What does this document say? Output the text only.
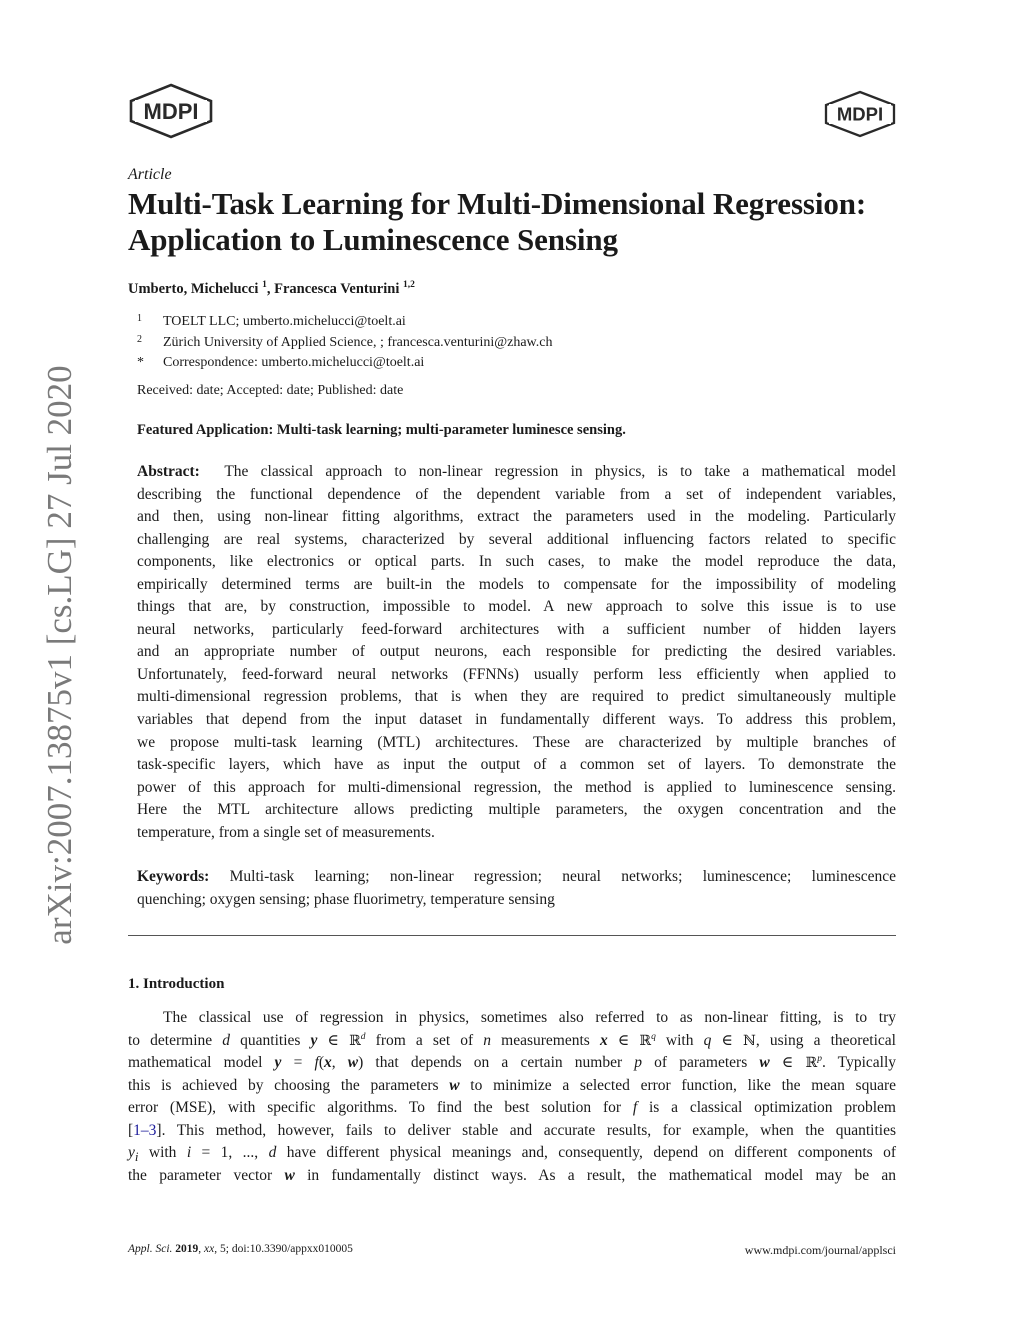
arXiv:2007.13875v1 [cs.LG] 27 Jul 2020
MDPI	MDPI
Article
Multi-Task Learning for Multi-Dimensional Regression:
Application to Luminescence Sensing
Umberto, Michelucci $^1$, Francesca Venturini $^{1,2}$
1 TOELT LLC; umberto.michelucci@toelt.ai
2 Zürich University of Applied Science, ; francesca.venturini@zhaw.ch
* Correspondence: umberto.michelucci@toelt.ai
Received: date; Accepted: date; Published: date
Featured Application: Multi-task learning; multi-parameter luminesce sensing.
Abstract: The classical approach to non-linear regression in physics, is to take a mathematical model
describing the functional dependence of the dependent variable from a set of independent variables,
and then, using non-linear fitting algorithms, extract the parameters used in the modeling. Particularly
challenging are real systems, characterized by several additional influencing factors related to specific
components, like electronics or optical parts. In such cases, to make the model reproduce the data,
empirically determined terms are built-in the models to compensate for the impossibility of modeling
things that are, by construction, impossible to model. A new approach to solve this issue is to use
neural networks, particularly feed-forward architectures with a sufficient number of hidden layers
and an appropriate number of output neurons, each responsible for predicting the desired variables.
Unfortunately, feed-forward neural networks (FFNNs) usually perform less efficiently when applied to
multi-dimensional regression problems, that is when they are required to predict simultaneously multiple
variables that depend from the input dataset in fundamentally different ways. To address this problem,
we propose multi-task learning (MTL) architectures. These are characterized by multiple branches of
task-specific layers, which have as input the output of a common set of layers. To demonstrate the
power of this approach for multi-dimensional regression, the method is applied to luminescence sensing.
Here the MTL architecture allows predicting multiple parameters, the oxygen concentration and the
temperature, from a single set of measurements.
Keywords: Multi-task learning; non-linear regression; neural networks; luminescence; luminescence
quenching; oxygen sensing; phase fluorimetry, temperature sensing
1. Introduction
The classical use of regression in physics, sometimes also referred to as non-linear fitting, is to try
to determine d quantities y ∈ ℝ$^d$ from a set of n measurements x ∈ ℝ$^q$ with q ∈ ℕ, using a theoretical
mathematical model y = f(x, w) that depends on a certain number p of parameters w ∈ ℝ$^p$. Typically
this is achieved by choosing the parameters w to minimize a selected error function, like the mean square
error (MSE), with specific algorithms. To find the best solution for f is a classical optimization problem
[1–3]. This method, however, fails to deliver stable and accurate results, for example, when the quantities
$y_i$ with i = 1, ..., d have different physical meanings and, consequently, depend on different components of
the parameter vector w in fundamentally distinct ways. As a result, the mathematical model may be an
Appl. Sci. 2019, xx, 5; doi:10.3390/appxx010005	www.mdpi.com/journal/applsci
